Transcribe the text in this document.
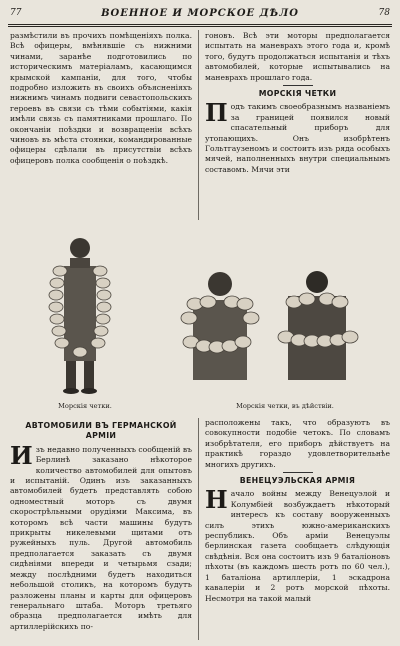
77	ВОЕННОЕ И МОРСКОЕ ДѢЛО	78

размѣстили въ прочихъ помѣщеніяхъ полка. Всѣ офицеры, вмѣнявшіе съ нижними чинами, заранѣе подготовились по историческимъ матеріаламъ, касающимся крымской кампаніи, для того, чтобы подробно изложить въ своихъ объясненіяхъ нижнимъ чинамъ подвиги севастопольскихъ героевъ въ связи съ тѣми событіями, какія имѣли связь съ памятниками прошлаго. По окончаніи поѣздки и возвращеніи всѣхъ чиновъ въ мѣста стоянки, командированные офицеры сдѣлали въ присутствіи всѣхъ офицеровъ полка сообщенія о поѣздкѣ.

гоновъ. Всѣ эти моторы предполагается испытать на маневрахъ этого года и, кромѣ того, будутъ продолжаться испытанія и тѣхъ автомобилей, которые испытывались на маневрахъ прошлаго года.

МОРСКІЯ ЧЕТКИ

П одъ такимъ своеобразнымъ названіемъ за границей появился новый спасательный приборъ для утопающихъ. Онъ изобрѣтенъ Гольтгаузеномъ и состоитъ изъ ряда особыхъ мячей, наполненныхъ внутри специальнымъ составомъ. Мячи эти

Морскія четки.	Морскія четки, въ дѣйствіи.
АВТОМОБИЛИ ВЪ ГЕРМАНСКОЙ АРМІИ

И зъ недавно полученныхъ сообщеній въ Берлинѣ заказано нѣкоторое количество автомобилей для опытовъ и испытаній. Одинъ изъ заказанныхъ автомобилей будетъ представлять собою одноместный моторъ съ двумя скорострѣльными орудіями Максима, въ которомъ всѣ части машины будутъ прикрыты никелевыми щитами отъ ружейныхъ пуль. Другой автомобиль предполагается заказать съ двумя сидѣніями впереди и четырьмя сзади; между послѣдними будетъ находиться небольшой столикъ, на которомъ будутъ разложены планы и карты для офицеровъ генеральнаго штаба. Моторъ третьяго образца предполагается имѣть для артиллерійскихъ по-

расположены такъ, что образуютъ въ совокупности подобіе четокъ. По словамъ изобрѣтателя, его приборъ дѣйствуетъ на практикѣ гораздо удовлетворительнѣе многихъ другихъ.

ВЕНЕЦУЭЛЬСКАЯ АРМІЯ

Н ачало войны между Венецуэлой и Колумбіей возбуждаетъ нѣкоторый интересъ къ составу вооруженныхъ силъ этихъ южно-американскихъ республикъ. Объ арміи Венецуэлы берлинская газета сообщаетъ слѣдующія свѣдѣнія. Вся она состоитъ изъ 9 баталіоновъ пѣхоты (въ каждомъ шесть ротъ по 60 чел.), 1 баталіона артиллеріи, 1 эскадрона кавалеріи и 2 ротъ морской пѣхоты. Несмотря на такой малый
